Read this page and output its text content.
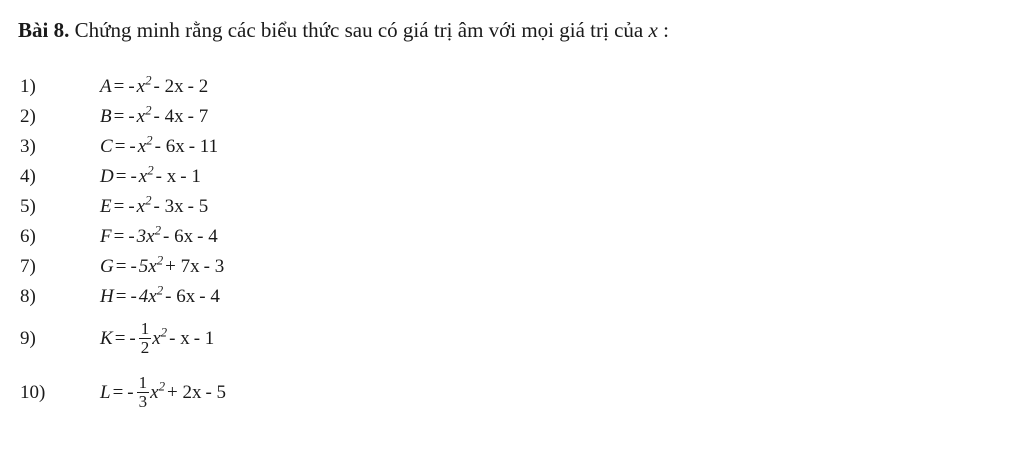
Bài 8. Chứng minh rằng các biểu thức sau có giá trị âm với mọi giá trị của x :
1)	A = - $x^2 - 2x - 2$
2)	B = - $x^2 - 4x - 7$
3)	C = - $x^2 - 6x - 11$
4)	D = - $x^2$ - x - 1
5)	E = - $x^2 - 3x - 5$
6)	F = - $3x^2 - 6x - 4$
7)	G = - $5x^2 + 7x - 3$
8)	H = - $4x^2 - 6x - 4$
9)	K = - $\frac{1}{2} x^2$ - x - 1
10)	L = - $\frac{1}{3} x^2 + 2x - 5$
